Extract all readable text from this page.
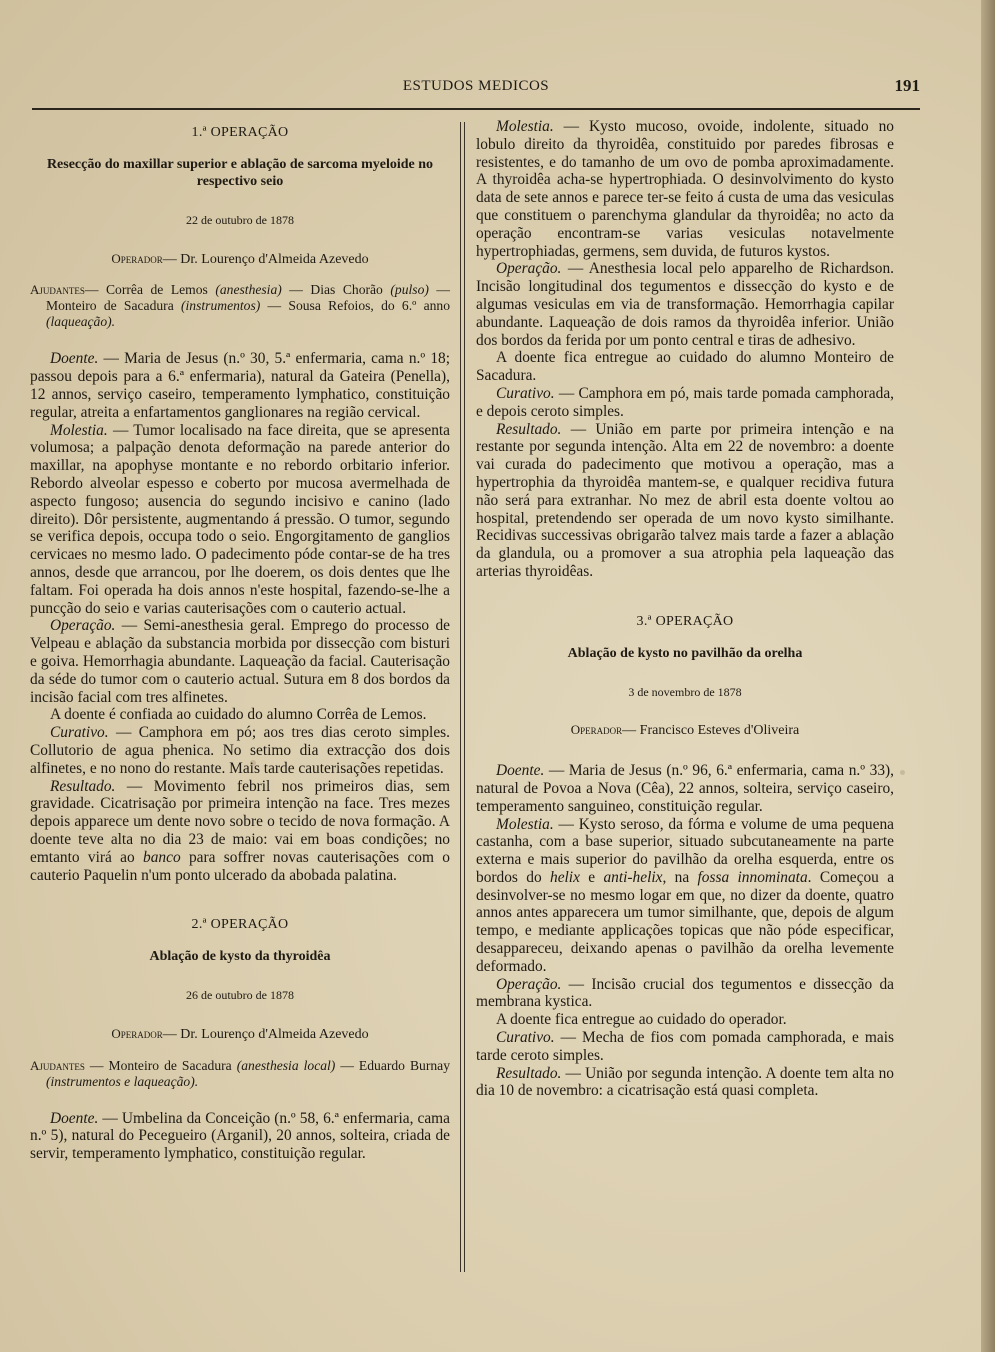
ESTUDOS MEDICOS	191
1.ª OPERAÇÃO
Resecção do maxillar superior e ablação de sarcoma myeloide no respectivo seio
22 de outubro de 1878
Operador— Dr. Lourenço d'Almeida Azevedo
Ajudantes— Corrêa de Lemos (anesthesia) — Dias Chorão (pulso) — Monteiro de Sacadura (instrumentos) — Sousa Refoios, do 6.º anno (laqueação).

Doente. — Maria de Jesus (n.º 30, 5.ª enfermaria, cama n.º 18; passou depois para a 6.ª enfermaria), natural da Gateira (Penella), 12 annos, serviço caseiro, temperamento lymphatico, constituição regular, atreita a enfartamentos ganglionares na região cervical.

Molestia. — Tumor localisado na face direita, que se apresenta volumosa; a palpação denota deformação na parede anterior do maxillar, na apophyse montante e no rebordo orbitario inferior. Rebordo alveolar espesso e coberto por mucosa avermelhada de aspecto fungoso; ausencia do segundo incisivo e canino (lado direito). Dôr persistente, augmentando á pressão. O tumor, segundo se verifica depois, occupa todo o seio. Engorgitamento de ganglios cervicaes no mesmo lado. O padecimento póde contar-se de ha tres annos, desde que arrancou, por lhe doerem, os dois dentes que lhe faltam. Foi operada ha dois annos n'este hospital, fazendo-se-lhe a puncção do seio e varias cauterisações com o cauterio actual.

Operação. — Semi-anesthesia geral. Emprego do processo de Velpeau e ablação da substancia morbida por dissecção com bisturi e goiva. Hemorrhagia abundante. Laqueação da facial. Cauterisação da séde do tumor com o cauterio actual. Sutura em 8 dos bordos da incisão facial com tres alfinetes.

A doente é confiada ao cuidado do alumno Corrêa de Lemos.

Curativo. — Camphora em pó; aos tres dias ceroto simples. Collutorio de agua phenica. No setimo dia extracção dos dois alfinetes, e no nono do restante. Mais tarde cauterisações repetidas.

Resultado. — Movimento febril nos primeiros dias, sem gravidade. Cicatrisação por primeira intenção na face. Tres mezes depois apparece um dente novo sobre o tecido de nova formação. A doente teve alta no dia 23 de maio: vai em boas condições; no emtanto virá ao banco para soffrer novas cauterisações com o cauterio Paquelin n'um ponto ulcerado da abobada palatina.

2.ª OPERAÇÃO
Ablação de kysto da thyroidêa
26 de outubro de 1878
Operador— Dr. Lourenço d'Almeida Azevedo
Ajudantes — Monteiro de Sacadura (anesthesia local) — Eduardo Burnay (instrumentos e laqueação).

Doente. — Umbelina da Conceição (n.º 58, 6.ª enfermaria, cama n.º 5), natural do Pecegueiro (Arganil), 20 annos, solteira, criada de servir, temperamento lymphatico, constituição regular.

Molestia. — Kysto mucoso, ovoide, indolente, situado no lobulo direito da thyroidêa, constituido por paredes fibrosas e resistentes, e do tamanho de um ovo de pomba aproximadamente. A thyroidêa acha-se hypertrophiada. O desinvolvimento do kysto data de sete annos e parece ter-se feito á custa de uma das vesiculas que constituem o parenchyma glandular da thyroidêa; no acto da operação encontram-se varias vesiculas notavelmente hypertrophiadas, germens, sem duvida, de futuros kystos.

Operação. — Anesthesia local pelo apparelho de Richardson. Incisão longitudinal dos tegumentos e dissecção do kysto e de algumas vesiculas em via de transformação. Hemorrhagia capilar abundante. Laqueação de dois ramos da thyroidêa inferior. União dos bordos da ferida por um ponto central e tiras de adhesivo.

A doente fica entregue ao cuidado do alumno Monteiro de Sacadura.

Curativo. — Camphora em pó, mais tarde pomada camphorada, e depois ceroto simples.

Resultado. — União em parte por primeira intenção e na restante por segunda intenção. Alta em 22 de novembro: a doente vai curada do padecimento que motivou a operação, mas a hypertrophia da thyroidêa mantem-se, e qualquer recidiva futura não será para extranhar. No mez de abril esta doente voltou ao hospital, pretendendo ser operada de um novo kysto similhante. Recidivas successivas obrigarão talvez mais tarde a fazer a ablação da glandula, ou a promover a sua atrophia pela laqueação das arterias thyroidêas.

3.ª OPERAÇÃO
Ablação de kysto no pavilhão da orelha
3 de novembro de 1878
Operador— Francisco Esteves d'Oliveira

Doente. — Maria de Jesus (n.º 96, 6.ª enfermaria, cama n.º 33), natural de Povoa a Nova (Cêa), 22 annos, solteira, serviço caseiro, temperamento sanguineo, constituição regular.

Molestia. — Kysto seroso, da fórma e volume de uma pequena castanha, com a base superior, situado subcutaneamente na parte externa e mais superior do pavilhão da orelha esquerda, entre os bordos do helix e anti-helix, na fossa innominata. Começou a desinvolver-se no mesmo logar em que, no dizer da doente, quatro annos antes apparecera um tumor similhante, que, depois de algum tempo, e mediante applicações topicas que não póde especificar, desappareceu, deixando apenas o pavilhão da orelha levemente deformado.

Operação. — Incisão crucial dos tegumentos e dissecção da membrana kystica.

A doente fica entregue ao cuidado do operador.

Curativo. — Mecha de fios com pomada camphorada, e mais tarde ceroto simples.

Resultado. — União por segunda intenção. A doente tem alta no dia 10 de novembro: a cicatrisação está quasi completa.
